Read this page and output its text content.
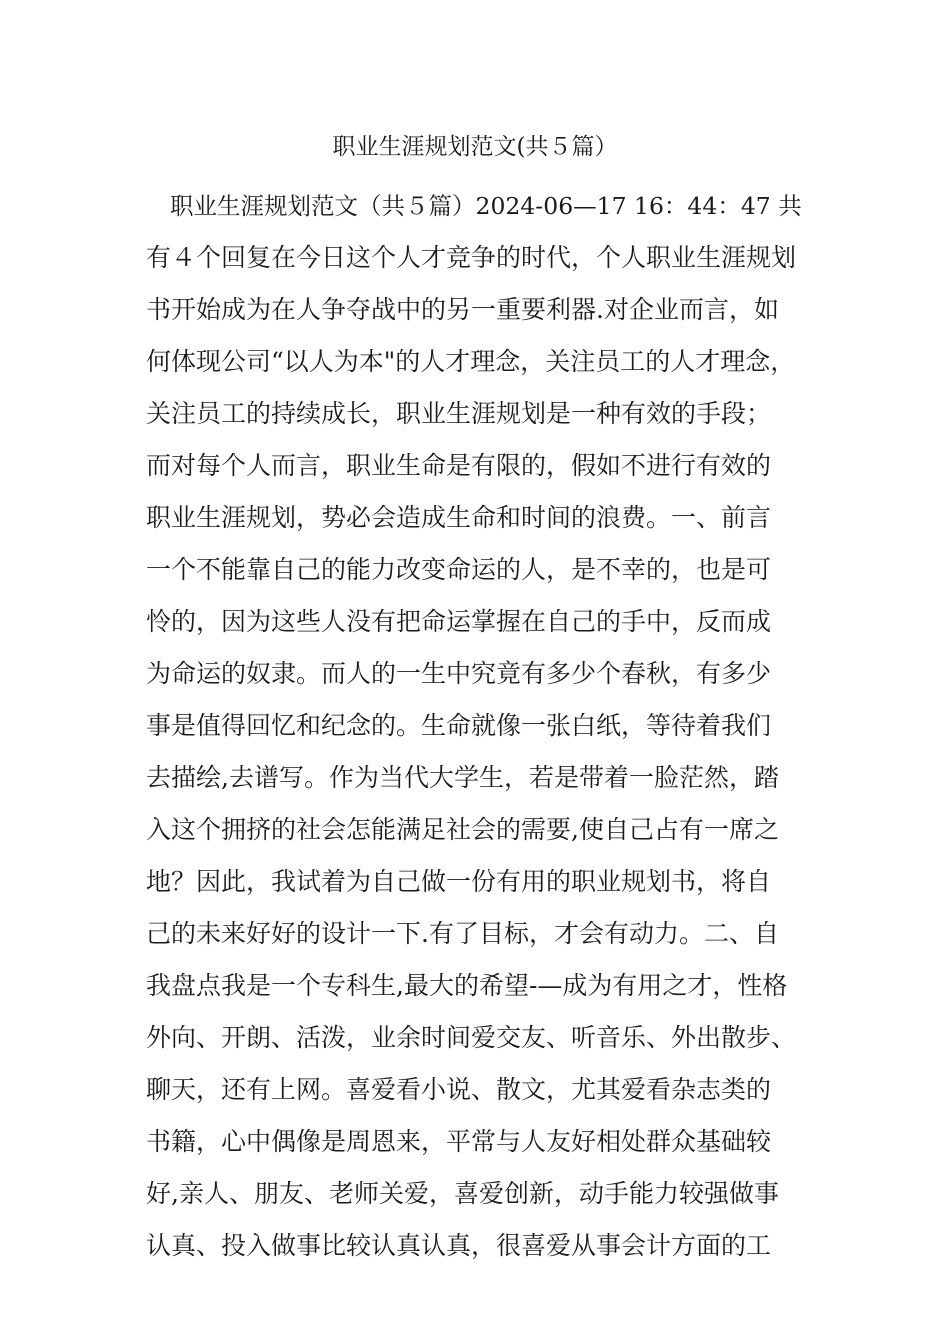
职业生涯规划范文(共５篇）
职业生涯规划范文（共５篇）2024-06—17 16：44：47 共
有４个回复在今日这个人才竞争的时代，个人职业生涯规划
书开始成为在人争夺战中的另一重要利器.对企业而言，如
何体现公司“以人为本"的人才理念，关注员工的人才理念，
关注员工的持续成长，职业生涯规划是一种有效的手段；
而对每个人而言，职业生命是有限的，假如不进行有效的
职业生涯规划，势必会造成生命和时间的浪费。一、前言
一个不能靠自己的能力改变命运的人，是不幸的，也是可
怜的，因为这些人没有把命运掌握在自己的手中，反而成
为命运的奴隶。而人的一生中究竟有多少个春秋，有多少
事是值得回忆和纪念的。生命就像一张白纸，等待着我们
去描绘,去谱写。作为当代大学生，若是带着一脸茫然，踏
入这个拥挤的社会怎能满足社会的需要,使自己占有一席之
地？因此，我试着为自己做一份有用的职业规划书，将自
己的未来好好的设计一下.有了目标，才会有动力。二、自
我盘点我是一个专科生,最大的希望-—成为有用之才，性格
外向、开朗、活泼，业余时间爱交友、听音乐、外出散步、
聊天，还有上网。喜爱看小说、散文，尤其爱看杂志类的
书籍，心中偶像是周恩来，平常与人友好相处群众基础较
好,亲人、朋友、老师关爱，喜爱创新，动手能力较强做事
认真、投入做事比较认真认真，很喜爱从事会计方面的工
